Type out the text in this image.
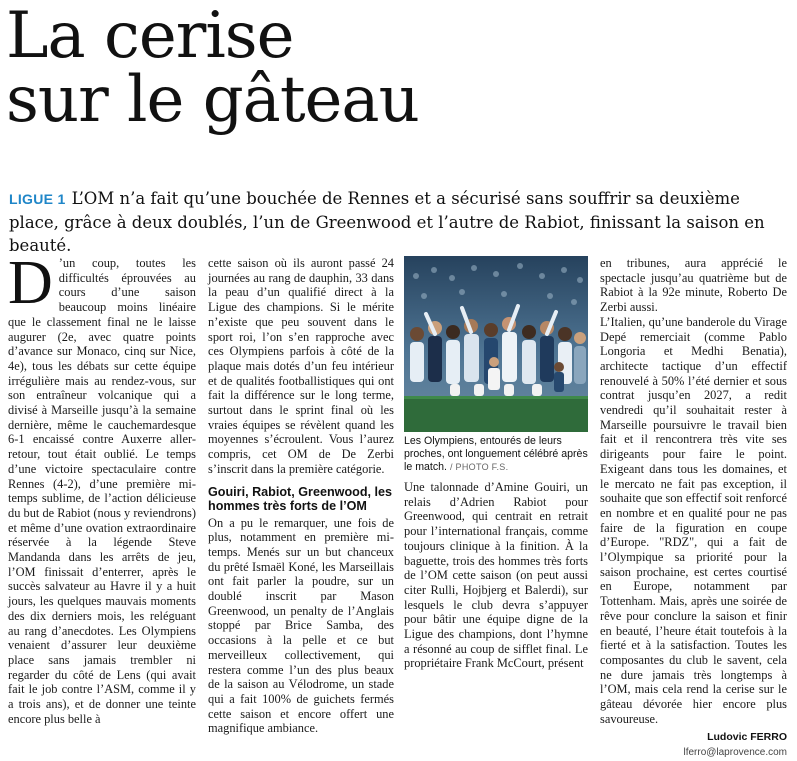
La cerise
sur le gâteau
LIGUE 1 L’OM n’a fait qu’une bouchée de Rennes et a sécurisé sans souffrir sa deuxième place, grâce à deux doublés, l’un de Greenwood et l’autre de Rabiot, finissant la saison en beauté.

D ’un coup, toutes les difficultés éprouvées au cours d’une saison beaucoup moins linéaire que le classement final ne le laisse augurer (2e, avec quatre points d’avance sur Monaco, cinq sur Nice, 4e), tous les débats sur cette équipe irrégulière mais au rendez-vous, sur son entraîneur volcanique qui a divisé à Marseille jusqu’à la semaine dernière, même le cauchemardesque 6-1 encaissé contre Auxerre aller-retour, tout était oublié. Le temps d’une victoire spectaculaire contre Rennes (4-2), d’une première mi-temps sublime, de l’action délicieuse du but de Rabiot (nous y reviendrons) et même d’une ovation extraordinaire réservée à la légende Steve Mandanda dans les arrêts de jeu, l’OM finissait d’enterrer, après le succès salvateur au Havre il y a huit jours, les quelques mauvais moments des dix derniers mois, les reléguant au rang d’anecdotes. Les Olympiens venaient d’assurer leur deuxième place sans jamais trembler ni regarder du côté de Lens (qui avait fait le job contre l’ASM, comme il y a trois ans), et de donner une teinte encore plus belle à

cette saison où ils auront passé 24 journées au rang de dauphin, 33 dans la peau d’un qualifié direct à la Ligue des champions. Si le mérite n’existe que peu souvent dans le sport roi, l’on s’en rapproche avec ces Olympiens parfois à côté de la plaque mais dotés d’un feu intérieur et de qualités footballistiques qui ont fait la différence sur le long terme, surtout dans le sprint final où les vraies équipes se révèlent quand les moyennes s’écroulent. Vous l’aurez compris, cet OM de De Zerbi s’inscrit dans la première catégorie.

Gouiri, Rabiot, Greenwood, les hommes très forts de l’OM

On a pu le remarquer, une fois de plus, notamment en première mi-temps. Menés sur un but chanceux du prêté Ismaël Koné, les Marseillais ont fait parler la poudre, sur un doublé inscrit par Mason Greenwood, un penalty de l’Anglais stoppé par Brice Samba, des occasions à la pelle et ce but merveilleux collectivement, qui restera comme l’un des plus beaux de la saison au Vélodrome, un stade qui a fait 100% de guichets fermés cette saison et encore offert une magnifique ambiance.

Les Olympiens, entourés de leurs proches, ont longuement célébré après le match. / PHOTO F.S.

Une talonnade d’Amine Gouiri, un relais d’Adrien Rabiot pour Greenwood, qui centrait en retrait pour l’international français, comme toujours clinique à la finition. À la baguette, trois des hommes très forts de l’OM cette saison (on peut aussi citer Rulli, Hojbjerg et Balerdi), sur lesquels le club devra s’appuyer pour bâtir une équipe digne de la Ligue des champions, dont l’hymne a résonné au coup de sifflet final. Le propriétaire Frank McCourt, présent

en tribunes, aura apprécié le spectacle jusqu’au quatrième but de Rabiot à la 92e minute, Roberto De Zerbi aussi.

L’Italien, qu’une banderole du Virage Depé remerciait (comme Pablo Longoria et Medhi Benatia), architecte tactique d’un effectif renouvelé à 50% l’été dernier et sous contrat jusqu’en 2027, a redit vendredi qu’il souhaitait rester à Marseille poursuivre le travail bien fait et il rencontrera très vite ses dirigeants pour faire le point. Exigeant dans tous les domaines, et le mercato ne fait pas exception, il souhaite que son effectif soit renforcé en nombre et en qualité pour ne pas faire de la figuration en coupe d’Europe. "RDZ", qui a fait de l’Olympique sa priorité pour la saison prochaine, est certes courtisé en Europe, notamment par Tottenham. Mais, après une soirée de rêve pour conclure la saison et finir en beauté, l’heure était toutefois à la fierté et à la satisfaction. Toutes les composantes du club le savent, cela ne dure jamais très longtemps à l’OM, mais cela rend la cerise sur le gâteau dévorée hier encore plus savoureuse.

Ludovic FERRO
lferro@laprovence.com
